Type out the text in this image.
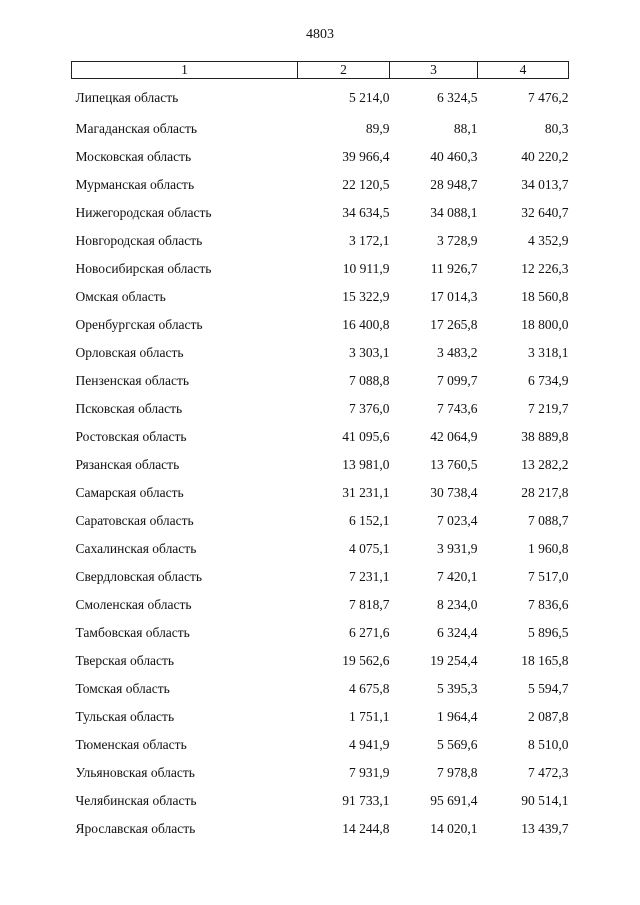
4803
1	2	3	4
Липецкая область	5 214,0	6 324,5	7 476,2
Магаданская область	89,9	88,1	80,3
Московская область	39 966,4	40 460,3	40 220,2
Мурманская область	22 120,5	28 948,7	34 013,7
Нижегородская область	34 634,5	34 088,1	32 640,7
Новгородская область	3 172,1	3 728,9	4 352,9
Новосибирская область	10 911,9	11 926,7	12 226,3
Омская область	15 322,9	17 014,3	18 560,8
Оренбургская область	16 400,8	17 265,8	18 800,0
Орловская область	3 303,1	3 483,2	3 318,1
Пензенская область	7 088,8	7 099,7	6 734,9
Псковская область	7 376,0	7 743,6	7 219,7
Ростовская область	41 095,6	42 064,9	38 889,8
Рязанская область	13 981,0	13 760,5	13 282,2
Самарская область	31 231,1	30 738,4	28 217,8
Саратовская область	6 152,1	7 023,4	7 088,7
Сахалинская область	4 075,1	3 931,9	1 960,8
Свердловская область	7 231,1	7 420,1	7 517,0
Смоленская область	7 818,7	8 234,0	7 836,6
Тамбовская область	6 271,6	6 324,4	5 896,5
Тверская область	19 562,6	19 254,4	18 165,8
Томская область	4 675,8	5 395,3	5 594,7
Тульская область	1 751,1	1 964,4	2 087,8
Тюменская область	4 941,9	5 569,6	8 510,0
Ульяновская область	7 931,9	7 978,8	7 472,3
Челябинская область	91 733,1	95 691,4	90 514,1
Ярославская область	14 244,8	14 020,1	13 439,7
